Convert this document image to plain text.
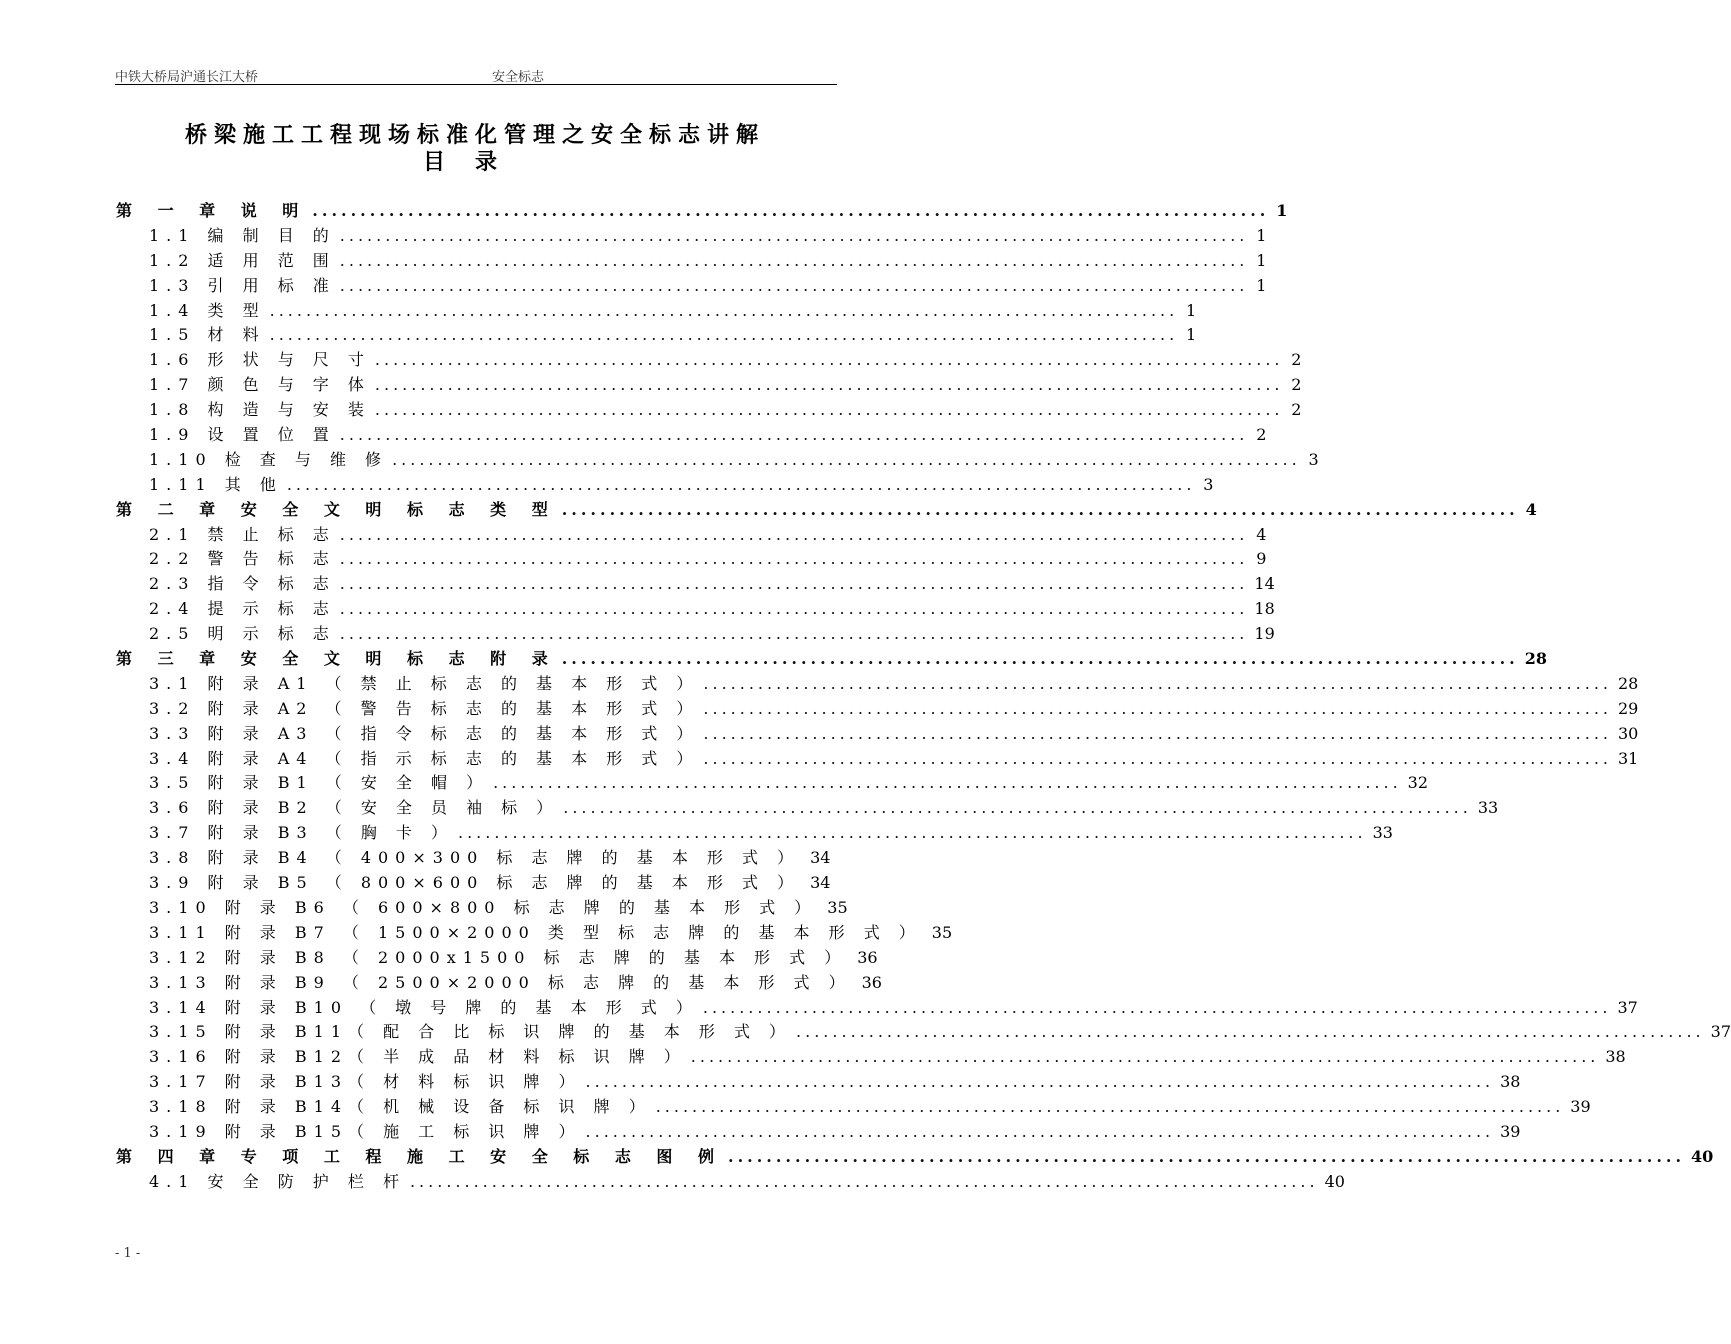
中铁大桥局沪通长江大桥	安全标志
桥梁施工工程现场标准化管理之安全标志讲解
目录
第 一 章 说 明 .................................................................................................... 1
1.1 编 制 目 的 .................................................................................................... 1
1.2 适 用 范 围 .................................................................................................... 1
1.3 引 用 标 准 .................................................................................................... 1
1.4 类 型 .................................................................................................... 1
1.5 材 料 .................................................................................................... 1
1.6 形 状 与 尺 寸 .................................................................................................... 2
1.7 颜 色 与 字 体 .................................................................................................... 2
1.8 构 造 与 安 装 .................................................................................................... 2
1.9 设 置 位 置 .................................................................................................... 2
1.10 检 查 与 维 修 .................................................................................................... 3
1.11 其 他 .................................................................................................... 3
第 二 章 安 全 文 明 标 志 类 型 .................................................................................................... 4
2.1 禁 止 标 志 .................................................................................................... 4
2.2 警 告 标 志 .................................................................................................... 9
2.3 指 令 标 志 .................................................................................................... 14
2.4 提 示 标 志 .................................................................................................... 18
2.5 明 示 标 志 .................................................................................................... 19
第 三 章 安 全 文 明 标 志 附 录 .................................................................................................... 28
3.1 附 录 A1 （ 禁 止 标 志 的 基 本 形 式 ） .................................................................................................... 28
3.2 附 录 A2 （ 警 告 标 志 的 基 本 形 式 ） .................................................................................................... 29
3.3 附 录 A3 （ 指 令 标 志 的 基 本 形 式 ） .................................................................................................... 30
3.4 附 录 A4 （ 指 示 标 志 的 基 本 形 式 ） .................................................................................................... 31
3.5 附 录 B1 （ 安 全 帽 ） .................................................................................................... 32
3.6 附 录 B2 （ 安 全 员 袖 标 ） .................................................................................................... 33
3.7 附 录 B3 （ 胸 卡 ） .................................................................................................... 33
3.8 附 录 B4 （ 400×300 标 志 牌 的 基 本 形 式 ） 34
3.9 附 录 B5 （ 800×600 标 志 牌 的 基 本 形 式 ） 34
3.10 附 录 B6 （ 600×800 标 志 牌 的 基 本 形 式 ） 35
3.11 附 录 B7 （ 1500×2000 类 型 标 志 牌 的 基 本 形 式 ） 35
3.12 附 录 B8 （ 2000x1500 标 志 牌 的 基 本 形 式 ） 36
3.13 附 录 B9 （ 2500×2000 标 志 牌 的 基 本 形 式 ） 36
3.14 附 录 B10 （ 墩 号 牌 的 基 本 形 式 ） .................................................................................................... 37
3.15 附 录 B11（ 配 合 比 标 识 牌 的 基 本 形 式 ） .................................................................................................... 37
3.16 附 录 B12（ 半 成 品 材 料 标 识 牌 ） .................................................................................................... 38
3.17 附 录 B13（ 材 料 标 识 牌 ） .................................................................................................... 38
3.18 附 录 B14（ 机 械 设 备 标 识 牌 ） .................................................................................................... 39
3.19 附 录 B15（ 施 工 标 识 牌 ） .................................................................................................... 39
第 四 章 专 项 工 程 施 工 安 全 标 志 图 例 .................................................................................................... 40
4.1 安 全 防 护 栏 杆 .................................................................................................... 40
- 1 -
